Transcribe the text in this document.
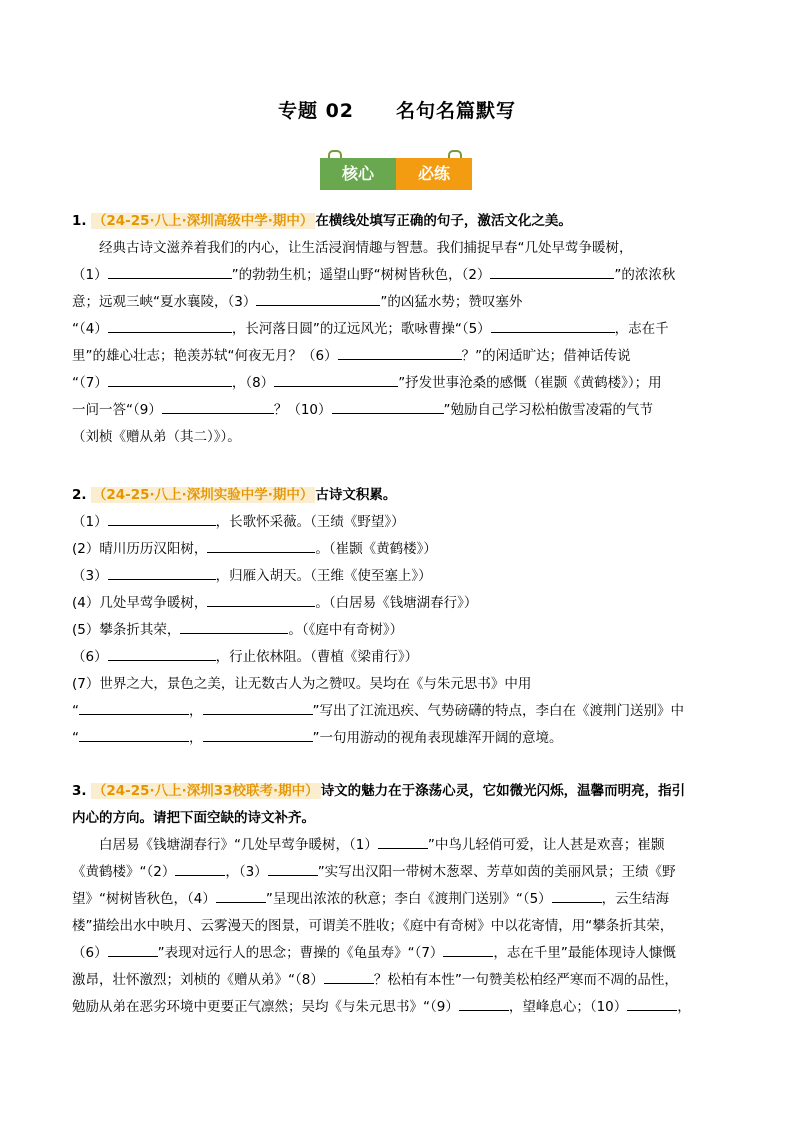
专题 02 名句名篇默写
核心	必练
1. （24-25·八上·深圳高级中学·期中） 在横线处填写正确的句子，激活文化之美。
经典古诗文滋养着我们的内心，让生活浸润情趣与智慧。我们捕捉早春“几处早莺争暖树，
（1）	”的勃勃生机；遥望山野“树树皆秋色，（2）	”的浓浓秋
意；远观三峡“夏水襄陵，（3）	”的凶猛水势；赞叹塞外
“（4）	，长河落日圆”的辽远风光；歌咏曹操“（5）	，志在千
里”的雄心壮志；艳羡苏轼“何夜无月？（6）	？”的闲适旷达；借神话传说
“（7）	，（8）	”抒发世事沧桑的感慨（崔颢《黄鹤楼》）；用
一问一答“（9）	？（10）	”勉励自己学习松柏傲雪凌霜的气节
（刘桢《赠从弟（其二）》）。
2. （24-25·八上·深圳实验中学·期中） 古诗文积累。
（1）	，长歌怀采薇。（王绩《野望》）
(2）晴川历历汉阳树，	。（崔颢《黄鹤楼》）
（3）	，归雁入胡天。（王维《使至塞上》）
(4）几处早莺争暖树，	。（白居易《钱塘湖春行》）
(5）攀条折其荣，	。（《庭中有奇树》）
（6）	，行止依林阻。（曹植《梁甫行》）
(7）世界之大，景色之美，让无数古人为之赞叹。吴均在《与朱元思书》中用
“	，	”写出了江流迅疾、气势磅礴的特点，李白在《渡荆门送别》中
“	，	”一句用游动的视角表现雄浑开阔的意境。
3. （24-25·八上·深圳33校联考·期中） 诗文的魅力在于涤荡心灵，它如微光闪烁，温馨而明亮，指引
内心的方向。请把下面空缺的诗文补齐。
白居易《钱塘湖春行》“几处早莺争暖树，（1）	”中鸟儿轻俏可爱，让人甚是欢喜；崔颢
《黄鹤楼》“（2）	，（3）	”实写出汉阳一带树木葱翠、芳草如茵的美丽风景；王绩《野
望》“树树皆秋色，（4）	”呈现出浓浓的秋意；李白《渡荆门送别》“（5）	，云生结海
楼”描绘出水中映月、云雾漫天的图景，可谓美不胜收；《庭中有奇树》中以花寄情，用“攀条折其荣，
（6）	”表现对远行人的思念；曹操的《龟虽寿》“（7）	，志在千里”最能体现诗人慷慨
激昂，壮怀激烈；刘桢的《赠从弟》“（8）	？松柏有本性”一句赞美松柏经严寒而不凋的品性，
勉励从弟在恶劣环境中更要正气凛然；吴均《与朱元思书》“（9）	，望峰息心；（10）	，
